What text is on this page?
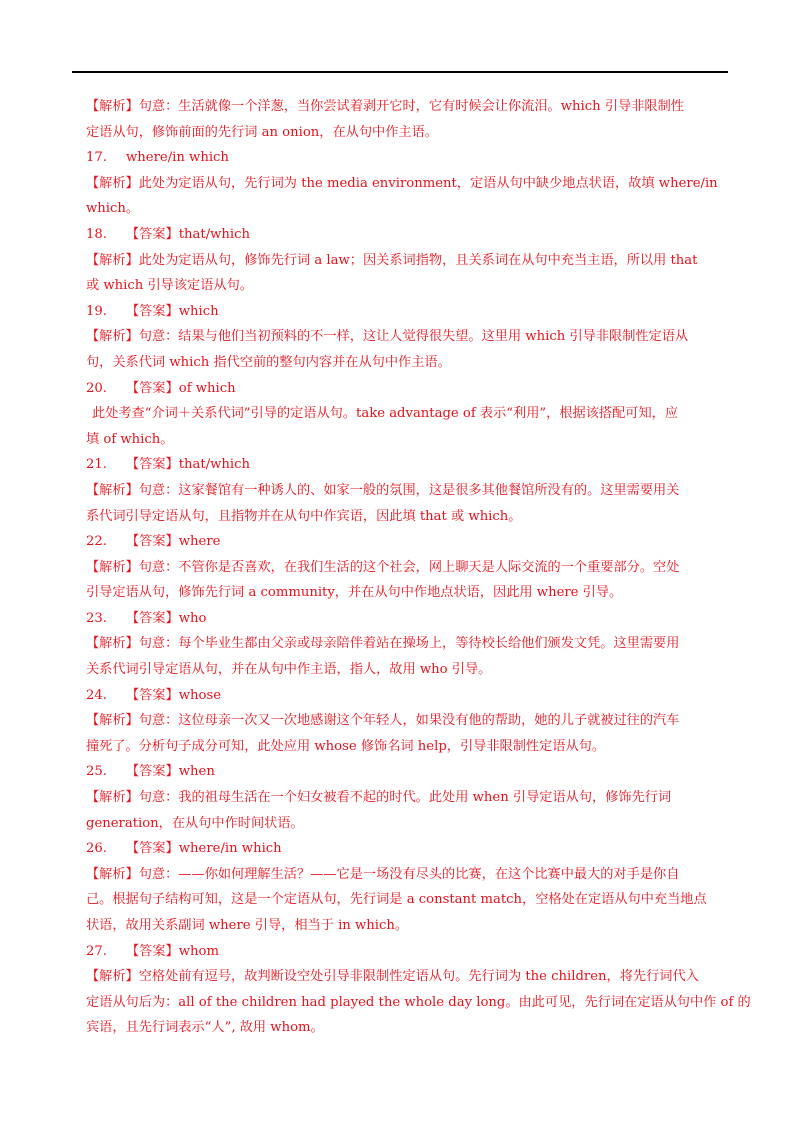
【解析】句意：生活就像一个洋葱，当你尝试着剥开它时，它有时候会让你流泪。which 引导非限制性
定语从句，修饰前面的先行词 an onion，在从句中作主语。
17. where/in which
【解析】此处为定语从句，先行词为 the media environment，定语从句中缺少地点状语，故填 where/in
which。
18. 【答案】that/which
【解析】此处为定语从句，修饰先行词 a law；因关系词指物，且关系词在从句中充当主语，所以用 that
或 which 引导该定语从句。
19. 【答案】which
【解析】句意：结果与他们当初预料的不一样，这让人觉得很失望。这里用 which 引导非限制性定语从
句，关系代词 which 指代空前的整句内容并在从句中作主语。
20. 【答案】of which
此处考查“介词＋关系代词”引导的定语从句。take advantage of 表示“利用”，根据该搭配可知，应
填 of which。
21. 【答案】that/which
【解析】句意：这家餐馆有一种诱人的、如家一般的氛围，这是很多其他餐馆所没有的。这里需要用关
系代词引导定语从句，且指物并在从句中作宾语，因此填 that 或 which。
22. 【答案】where
【解析】句意：不管你是否喜欢，在我们生活的这个社会，网上聊天是人际交流的一个重要部分。空处
引导定语从句，修饰先行词 a community，并在从句中作地点状语，因此用 where 引导。
23. 【答案】who
【解析】句意：每个毕业生都由父亲或母亲陪伴着站在操场上，等待校长给他们颁发文凭。这里需要用
关系代词引导定语从句，并在从句中作主语，指人，故用 who 引导。
24. 【答案】whose
【解析】句意：这位母亲一次又一次地感谢这个年轻人，如果没有他的帮助，她的儿子就被过往的汽车
撞死了。分析句子成分可知，此处应用 whose 修饰名词 help，引导非限制性定语从句。
25. 【答案】when
【解析】句意：我的祖母生活在一个妇女被看不起的时代。此处用 when 引导定语从句，修饰先行词
generation，在从句中作时间状语。
26. 【答案】where/in which
【解析】句意：——你如何理解生活？——它是一场没有尽头的比赛，在这个比赛中最大的对手是你自
己。根据句子结构可知，这是一个定语从句，先行词是 a constant match，空格处在定语从句中充当地点
状语，故用关系副词 where 引导，相当于 in which。
27. 【答案】whom
【解析】空格处前有逗号，故判断设空处引导非限制性定语从句。先行词为 the children，将先行词代入
定语从句后为：all of the children had played the whole day long。由此可见，先行词在定语从句中作 of 的
宾语，且先行词表示“人”, 故用 whom。
